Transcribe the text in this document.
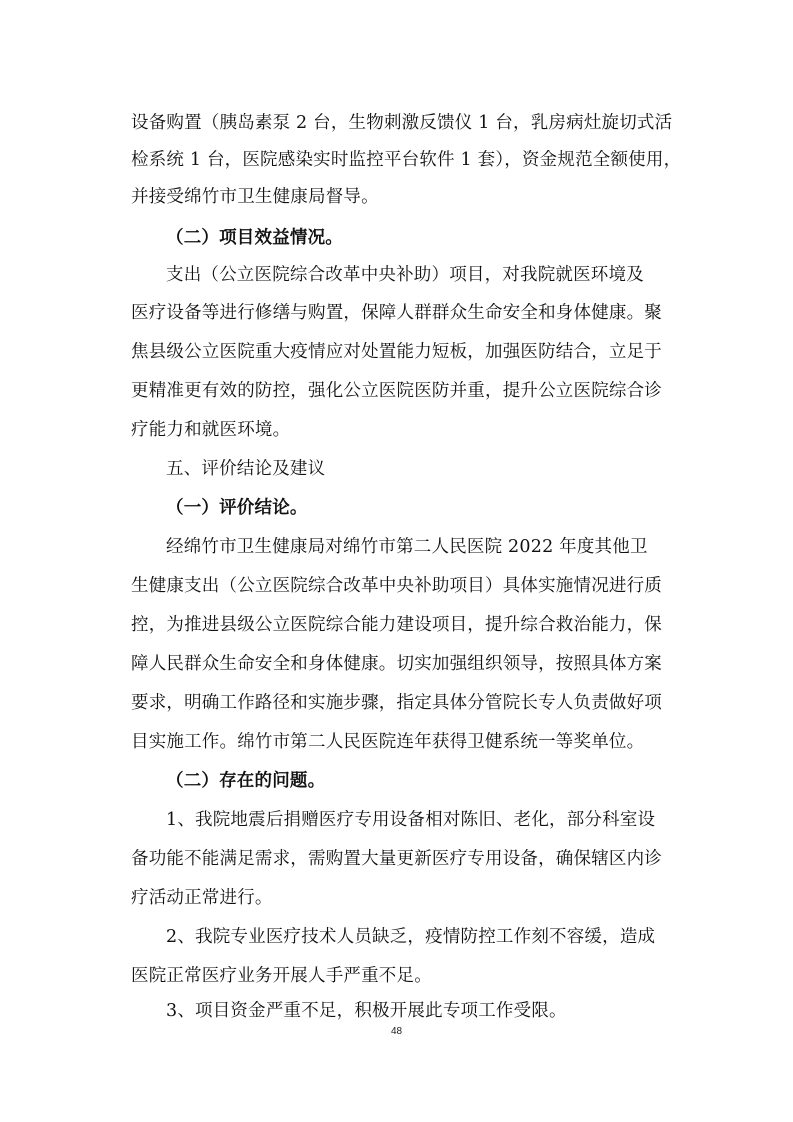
设备购置（胰岛素泵 2 台，生物刺激反馈仪 1 台，乳房病灶旋切式活
检系统 1 台，医院感染实时监控平台软件 1 套），资金规范全额使用，
并接受绵竹市卫生健康局督导。
（二）项目效益情况。
支出（公立医院综合改革中央补助）项目，对我院就医环境及
医疗设备等进行修缮与购置，保障人群群众生命安全和身体健康。聚
焦县级公立医院重大疫情应对处置能力短板，加强医防结合，立足于
更精准更有效的防控，强化公立医院医防并重，提升公立医院综合诊
疗能力和就医环境。
五、评价结论及建议
（一）评价结论。
经绵竹市卫生健康局对绵竹市第二人民医院 2022 年度其他卫
生健康支出（公立医院综合改革中央补助项目）具体实施情况进行质
控，为推进县级公立医院综合能力建设项目，提升综合救治能力，保
障人民群众生命安全和身体健康。切实加强组织领导，按照具体方案
要求，明确工作路径和实施步骤，指定具体分管院长专人负责做好项
目实施工作。绵竹市第二人民医院连年获得卫健系统一等奖单位。
（二）存在的问题。
1、我院地震后捐赠医疗专用设备相对陈旧、老化，部分科室设
备功能不能满足需求，需购置大量更新医疗专用设备，确保辖区内诊
疗活动正常进行。
2、我院专业医疗技术人员缺乏，疫情防控工作刻不容缓，造成
医院正常医疗业务开展人手严重不足。
3、项目资金严重不足，积极开展此专项工作受限。
48
